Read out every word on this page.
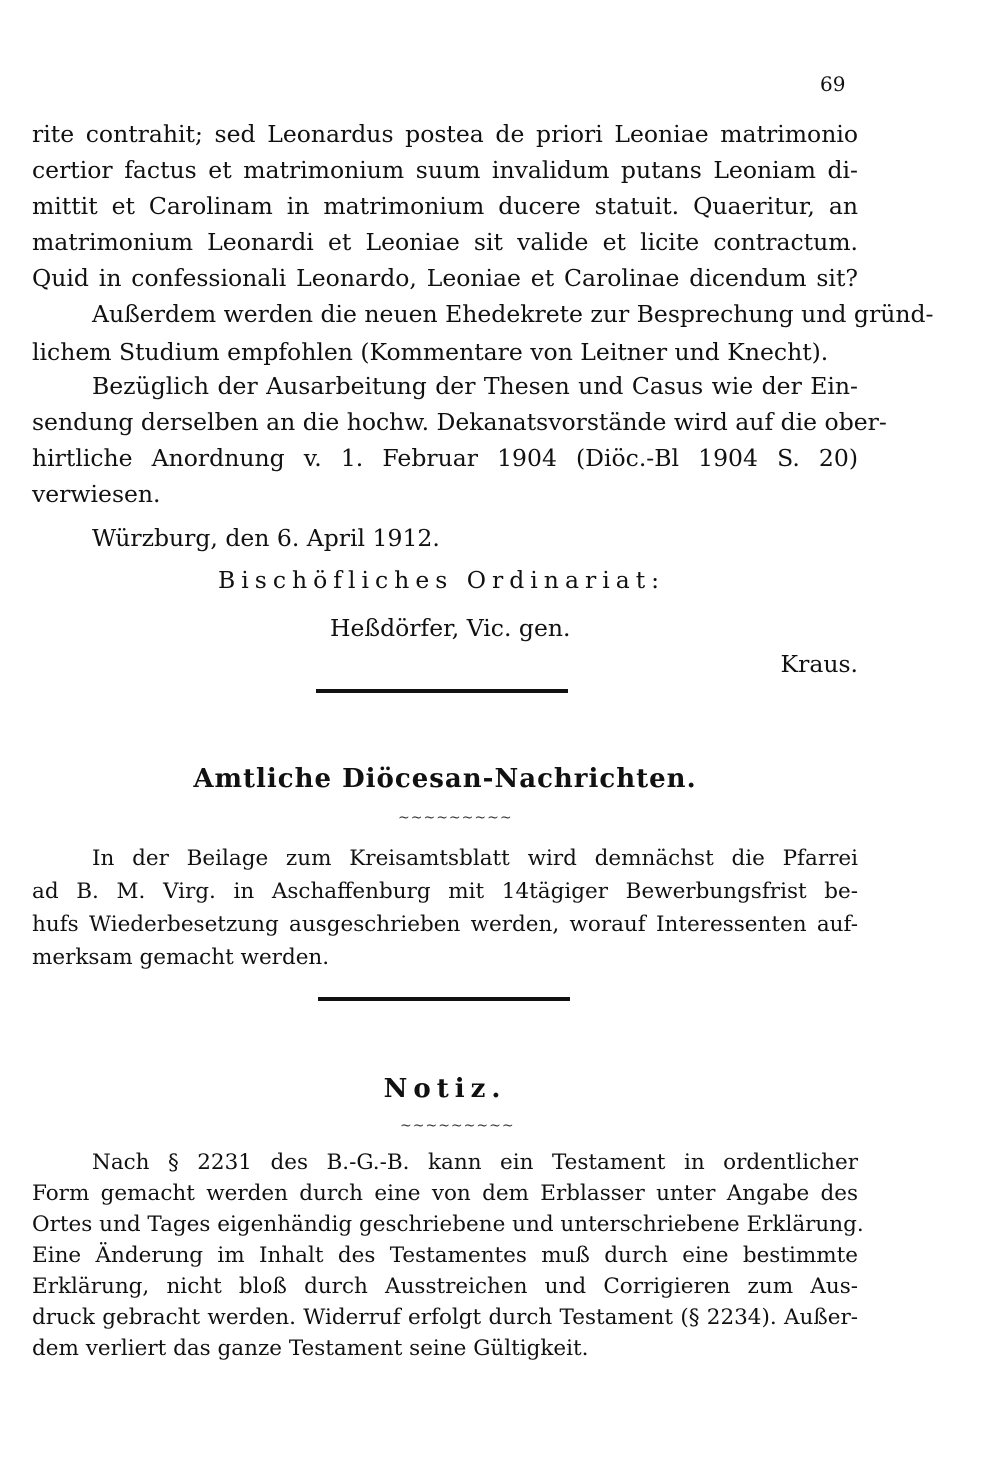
69
rite contrahit; sed Leonardus postea de priori Leoniae matrimonio
certior factus et matrimonium suum invalidum putans Leoniam di-
mittit et Carolinam in matrimonium ducere statuit. Quaeritur, an
matrimonium Leonardi et Leoniae sit valide et licite contractum.
Quid in confessionali Leonardo, Leoniae et Carolinae dicendum sit?
Außerdem werden die neuen Ehedekrete zur Besprechung und gründ-
lichem Studium empfohlen (Kommentare von Leitner und Knecht).
Bezüglich der Ausarbeitung der Thesen und Casus wie der Ein-
sendung derselben an die hochw. Dekanatsvorstände wird auf die ober-
hirtliche Anordnung v. 1. Februar 1904 (Diöc.-Bl 1904 S. 20)
verwiesen.
Würzburg, den 6. April 1912.
Bischöfliches Ordinariat:
Heßdörfer, Vic. gen.
Kraus.
Amtliche Diöcesan-Nachrichten.
~~~~~~~~~
In der Beilage zum Kreisamtsblatt wird demnächst die Pfarrei
ad B. M. Virg. in Aschaffenburg mit 14tägiger Bewerbungsfrist be-
hufs Wiederbesetzung ausgeschrieben werden, worauf Interessenten auf-
merksam gemacht werden.
Notiz.
~~~~~~~~~
Nach § 2231 des B.-G.-B. kann ein Testament in ordentlicher
Form gemacht werden durch eine von dem Erblasser unter Angabe des
Ortes und Tages eigenhändig geschriebene und unterschriebene Erklärung.
Eine Änderung im Inhalt des Testamentes muß durch eine bestimmte
Erklärung, nicht bloß durch Ausstreichen und Corrigieren zum Aus-
druck gebracht werden. Widerruf erfolgt durch Testament (§ 2234). Außer-
dem verliert das ganze Testament seine Gültigkeit.
